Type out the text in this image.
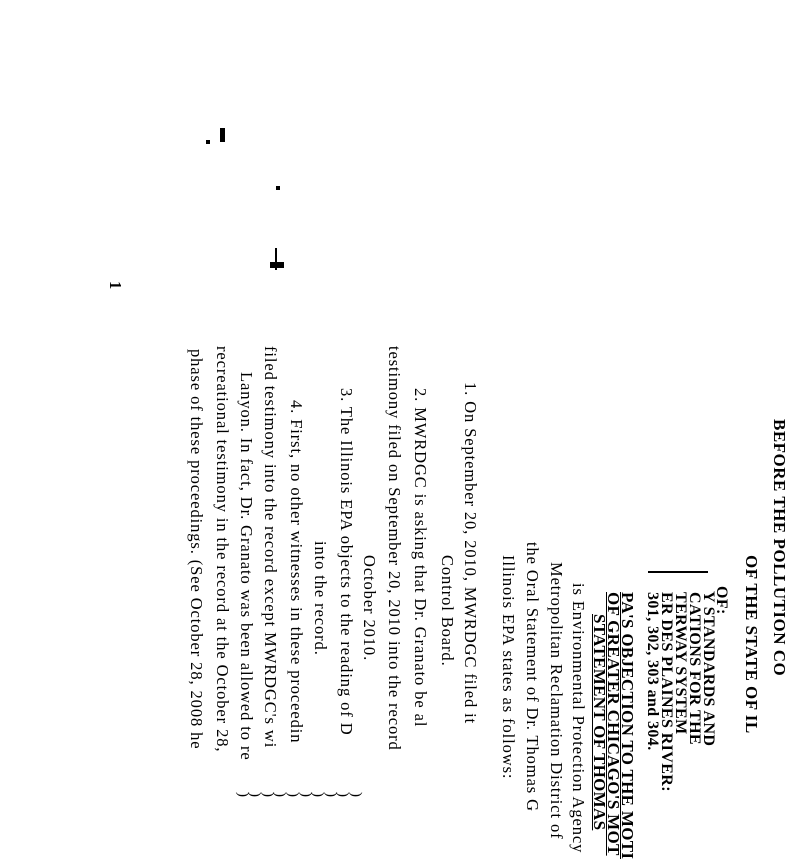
BEFORE THE POLLUTION CO
OF THE STATE OF IL
OF:
Y STANDARDS AND
CATIONS FOR THE
TERWAY SYSTEM
ER DES PLAINES RIVER:
301, 302, 303 and 304.
)
)
)
)
)
)
)
)
)
)	PA'S OBJECTION TO THE MOTI
OF GREATER CHICAGO'S MOT
STATEMENT OF THOMAS
is Environmental Protection Agency
Metropolitan Reclamation District of
the Oral Statement of Dr. Thomas G
Illinois EPA states as follows:
1. On September 20, 2010, MWRDGC filed it
Control Board.
2. MWRDGC is asking that Dr. Granato be al
testimony filed on September 20, 2010 into the record
October 2010.
3. The Illinois EPA objects to the reading of D
into the record.
4. First, no other witnesses in these proceedin
filed testimony into the record except MWRDGC's wi
Lanyon. In fact, Dr. Granato was been allowed to re
recreational testimony in the record at the October 28,
phase of these proceedings. (See October 28, 2008 he
1
